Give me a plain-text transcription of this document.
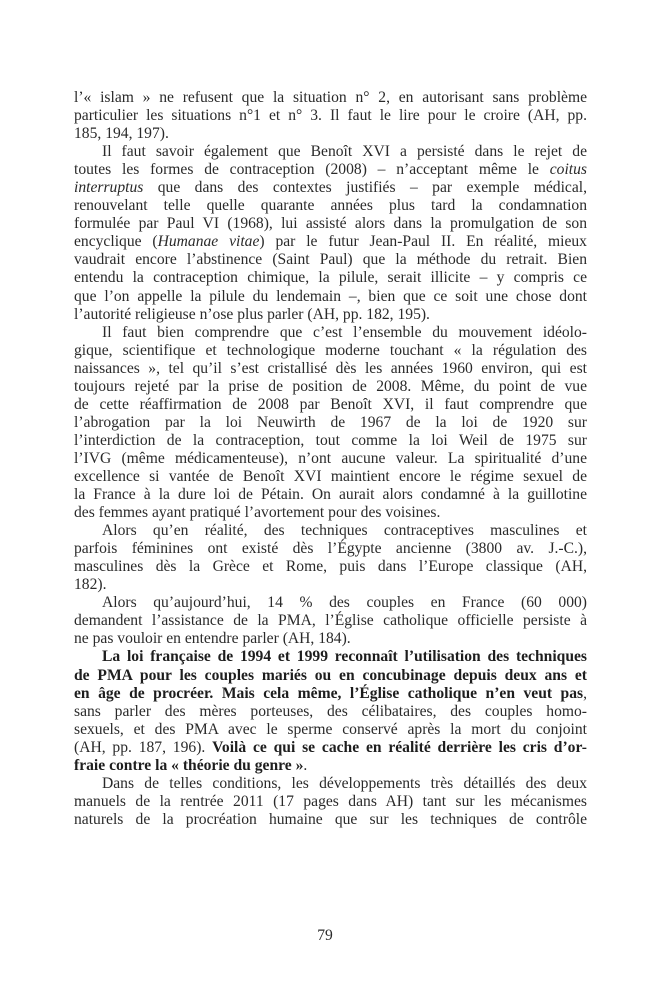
l’« islam » ne refusent que la situation n° 2, en autorisant sans problème
particulier les situations n°1 et n° 3. Il faut le lire pour le croire (AH, pp.
185, 194, 197).
Il faut savoir également que Benoît XVI a persisté dans le rejet de
toutes les formes de contraception (2008) – n’acceptant même le coitus
interruptus que dans des contextes justifiés – par exemple médical,
renouvelant telle quelle quarante années plus tard la condamnation
formulée par Paul VI (1968), lui assisté alors dans la promulgation de son
encyclique (Humanae vitae) par le futur Jean-Paul II. En réalité, mieux
vaudrait encore l’abstinence (Saint Paul) que la méthode du retrait. Bien
entendu la contraception chimique, la pilule, serait illicite – y compris ce
que l’on appelle la pilule du lendemain –, bien que ce soit une chose dont
l’autorité religieuse n’ose plus parler (AH, pp. 182, 195).
Il faut bien comprendre que c’est l’ensemble du mouvement idéolo-
gique, scientifique et technologique moderne touchant « la régulation des
naissances », tel qu’il s’est cristallisé dès les années 1960 environ, qui est
toujours rejeté par la prise de position de 2008. Même, du point de vue
de cette réaffirmation de 2008 par Benoît XVI, il faut comprendre que
l’abrogation par la loi Neuwirth de 1967 de la loi de 1920 sur
l’interdiction de la contraception, tout comme la loi Weil de 1975 sur
l’IVG (même médicamenteuse), n’ont aucune valeur. La spiritualité d’une
excellence si vantée de Benoît XVI maintient encore le régime sexuel de
la France à la dure loi de Pétain. On aurait alors condamné à la guillotine
des femmes ayant pratiqué l’avortement pour des voisines.
Alors qu’en réalité, des techniques contraceptives masculines et
parfois féminines ont existé dès l’Égypte ancienne (3800 av. J.-C.),
masculines dès la Grèce et Rome, puis dans l’Europe classique (AH,
182).
Alors qu’aujourd’hui, 14 % des couples en France (60 000)
demandent l’assistance de la PMA, l’Église catholique officielle persiste à
ne pas vouloir en entendre parler (AH, 184).
La loi française de 1994 et 1999 reconnaît l’utilisation des techniques
de PMA pour les couples mariés ou en concubinage depuis deux ans et
en âge de procréer. Mais cela même, l’Église catholique n’en veut pas,
sans parler des mères porteuses, des célibataires, des couples homo-
sexuels, et des PMA avec le sperme conservé après la mort du conjoint
(AH, pp. 187, 196). Voilà ce qui se cache en réalité derrière les cris d’or-
fraie contre la « théorie du genre ».
Dans de telles conditions, les développements très détaillés des deux
manuels de la rentrée 2011 (17 pages dans AH) tant sur les mécanismes
naturels de la procréation humaine que sur les techniques de contrôle
79
